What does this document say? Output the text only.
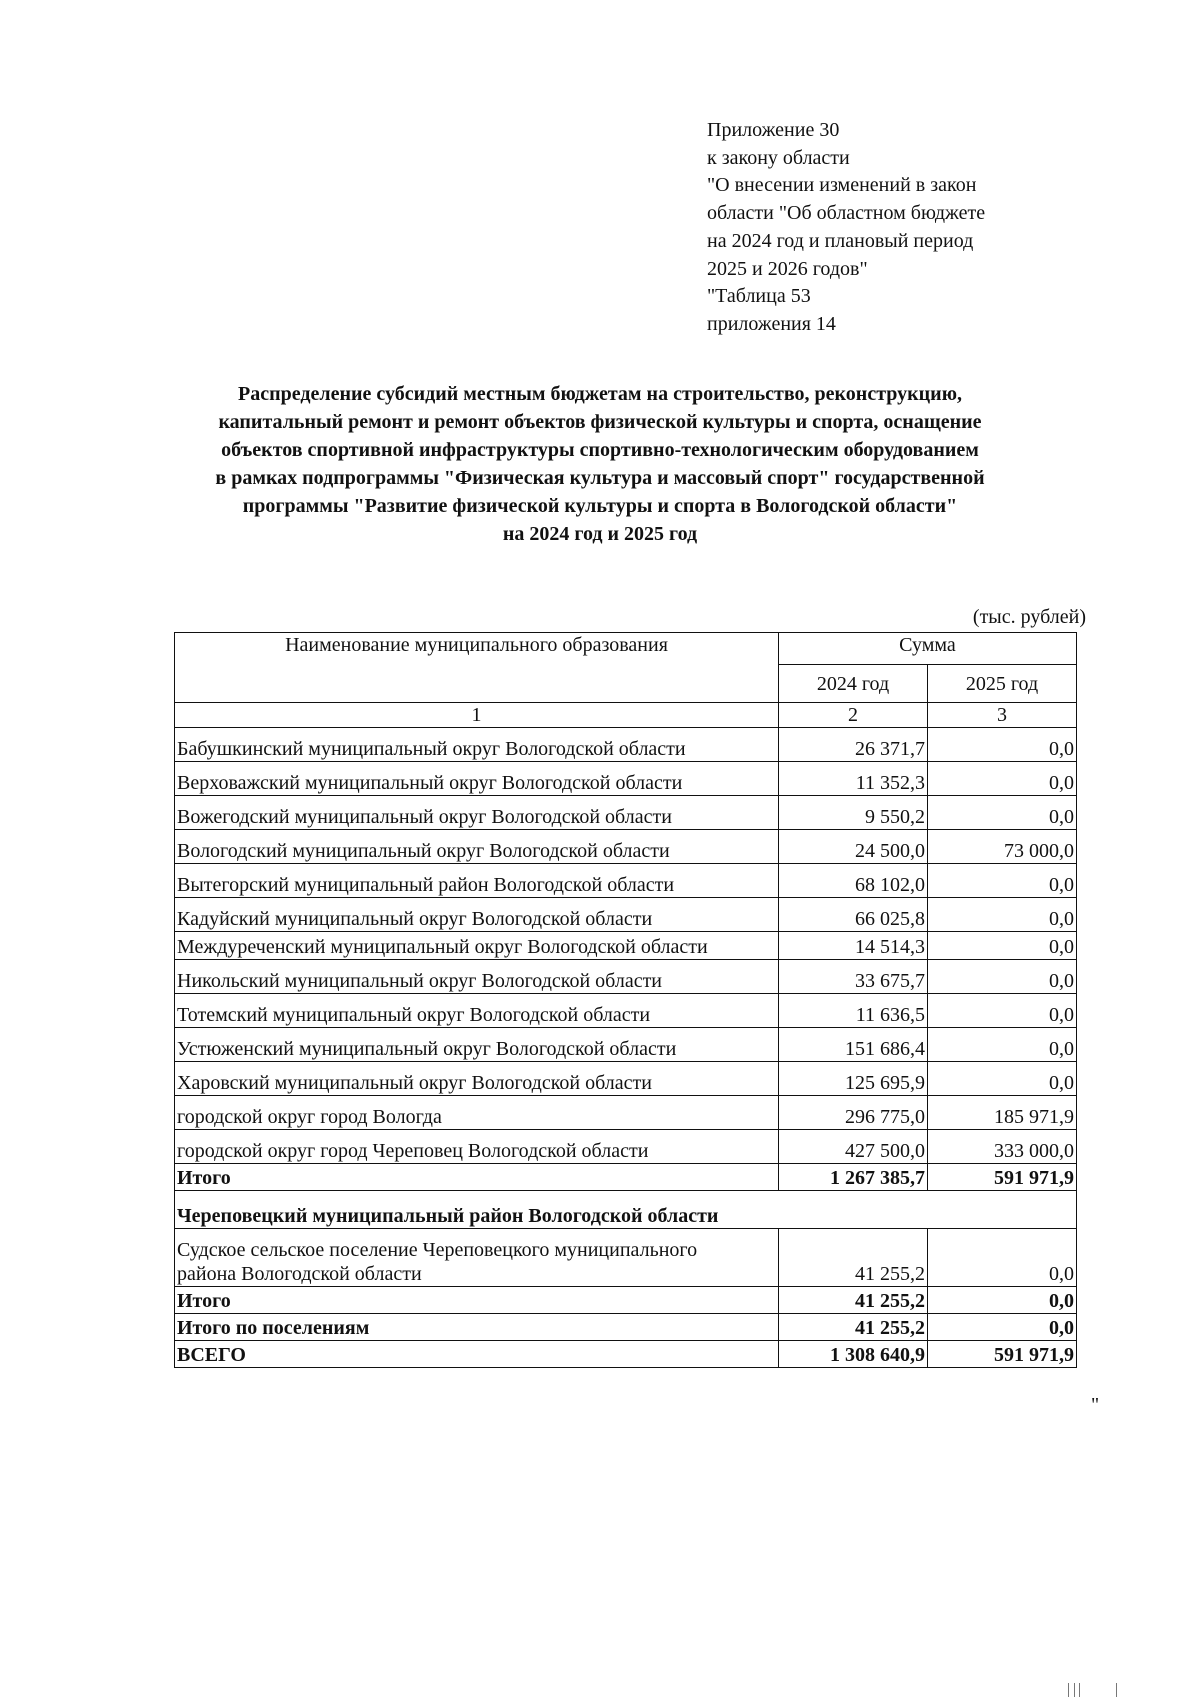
Приложение 30
к закону области
"О внесении изменений в закон
области "Об областном бюджете
на 2024 год и плановый период
2025 и 2026 годов"
"Таблица 53
приложения 14
Распределение субсидий местным бюджетам на строительство, реконструкцию,
капитальный ремонт и ремонт объектов физической культуры и спорта, оснащение
объектов спортивной инфраструктуры спортивно-технологическим оборудованием
в рамках подпрограммы "Физическая культура и массовый спорт" государственной
программы "Развитие физической культуры и спорта в Вологодской области"
на 2024 год и 2025 год
(тыс. рублей)
Наименование муниципального образования	Сумма	
	2024 год	2025 год
1	2	3
Бабушкинский муниципальный округ Вологодской области	26 371,7	0,0
Верховажский муниципальный округ Вологодской области	11 352,3	0,0
Вожегодский муниципальный округ Вологодской области	9 550,2	0,0
Вологодский муниципальный округ Вологодской области	24 500,0	73 000,0
Вытегорский муниципальный район Вологодской области	68 102,0	0,0
Кадуйский муниципальный округ Вологодской области	66 025,8	0,0
Междуреченский муниципальный округ Вологодской области	14 514,3	0,0
Никольский муниципальный округ Вологодской области	33 675,7	0,0
Тотемский муниципальный округ Вологодской области	11 636,5	0,0
Устюженский муниципальный округ Вологодской области	151 686,4	0,0
Харовский муниципальный округ Вологодской области	125 695,9	0,0
городской округ город Вологда	296 775,0	185 971,9
городской округ город Череповец Вологодской области	427 500,0	333 000,0
Итого	1 267 385,7	591 971,9
Череповецкий муниципальный район Вологодской области		

Судское сельское поселение Череповецкого муниципального
района Вологодской области	41 255,2	0,0
Итого	41 255,2	0,0
Итого по поселениям	41 255,2	0,0
ВСЕГО	1 308 640,9	591 971,9
"
